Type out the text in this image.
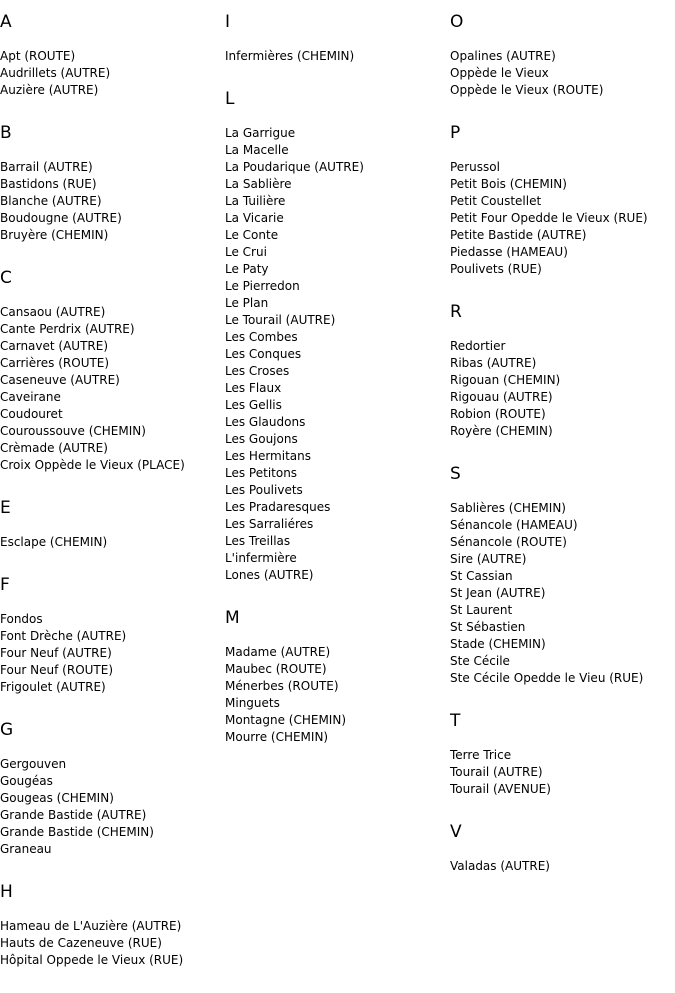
A
Apt (ROUTE)
Audrillets (AUTRE)
Auzière (AUTRE)
B
Barrail (AUTRE)
Bastidons (RUE)
Blanche (AUTRE)
Boudougne (AUTRE)
Bruyère (CHEMIN)
C
Cansaou (AUTRE)
Cante Perdrix (AUTRE)
Carnavet (AUTRE)
Carrières (ROUTE)
Caseneuve (AUTRE)
Caveirane
Coudouret
Couroussouve (CHEMIN)
Crèmade (AUTRE)
Croix Oppède le Vieux (PLACE)
E
Esclape (CHEMIN)
F
Fondos
Font Drèche (AUTRE)
Four Neuf (AUTRE)
Four Neuf (ROUTE)
Frigoulet (AUTRE)
G
Gergouven
Gougéas
Gougeas (CHEMIN)
Grande Bastide (AUTRE)
Grande Bastide (CHEMIN)
Graneau
H
Hameau de L'Auzière (AUTRE)
Hauts de Cazeneuve (RUE)
Hôpital Oppede le Vieux (RUE)
I
Infermières (CHEMIN)
L
La Garrigue
La Macelle
La Poudarique (AUTRE)
La Sablière
La Tuilière
La Vicarie
Le Conte
Le Crui
Le Paty
Le Pierredon
Le Plan
Le Tourail (AUTRE)
Les Combes
Les Conques
Les Croses
Les Flaux
Les Gellis
Les Glaudons
Les Goujons
Les Hermitans
Les Petitons
Les Poulivets
Les Pradaresques
Les Sarraliéres
Les Treillas
L'infermière
Lones (AUTRE)
M
Madame (AUTRE)
Maubec (ROUTE)
Ménerbes (ROUTE)
Minguets
Montagne (CHEMIN)
Mourre (CHEMIN)
O
Opalines (AUTRE)
Oppède le Vieux
Oppède le Vieux (ROUTE)
P
Perussol
Petit Bois (CHEMIN)
Petit Coustellet
Petit Four Opedde le Vieux (RUE)
Petite Bastide (AUTRE)
Piedasse (HAMEAU)
Poulivets (RUE)
R
Redortier
Ribas (AUTRE)
Rigouan (CHEMIN)
Rigouau (AUTRE)
Robion (ROUTE)
Royère (CHEMIN)
S
Sablières (CHEMIN)
Sénancole (HAMEAU)
Sénancole (ROUTE)
Sire (AUTRE)
St Cassian
St Jean (AUTRE)
St Laurent
St Sébastien
Stade (CHEMIN)
Ste Cécile
Ste Cécile Opedde le Vieu (RUE)
T
Terre Trice
Tourail (AUTRE)
Tourail (AVENUE)
V
Valadas (AUTRE)
